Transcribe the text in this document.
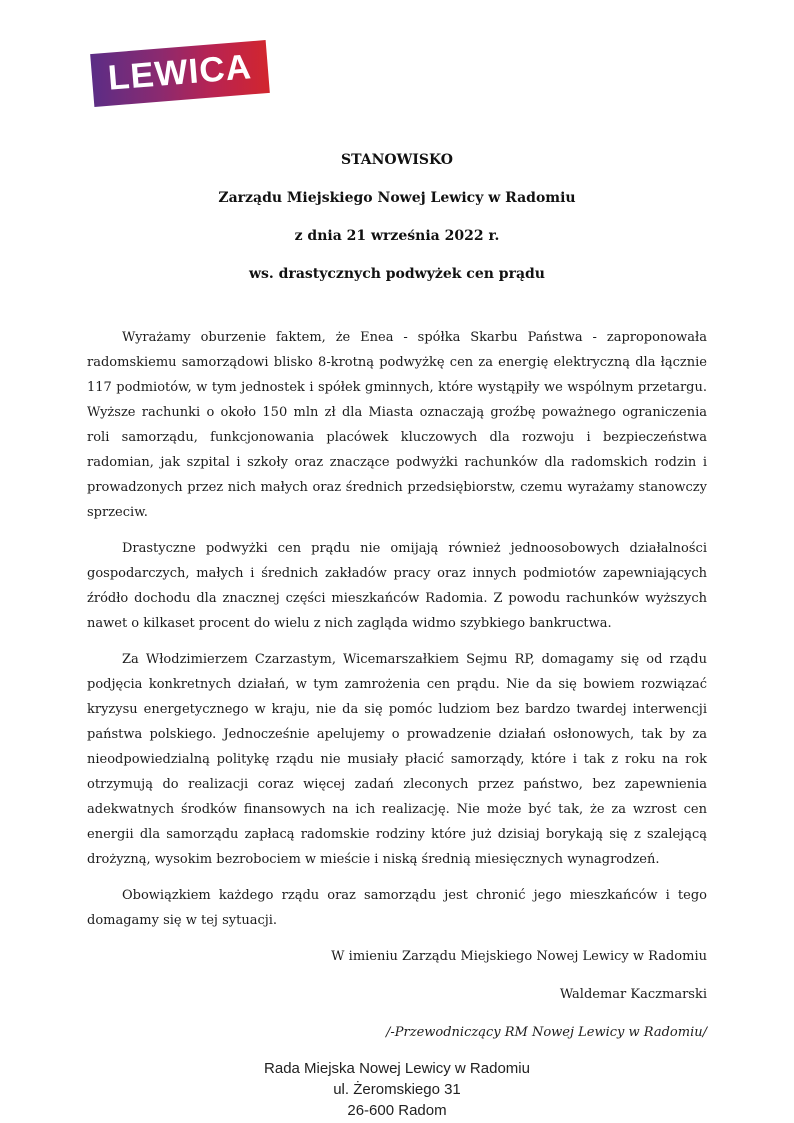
LEWICA
STANOWISKO
Zarządu Miejskiego Nowej Lewicy w Radomiu
z dnia 21 września 2022 r.
ws. drastycznych podwyżek cen prądu

Wyrażamy oburzenie faktem, że Enea - spółka Skarbu Państwa - zaproponowała radomskiemu samorządowi blisko 8-krotną podwyżkę cen za energię elektryczną dla łącznie 117 podmiotów, w tym jednostek i spółek gminnych, które wystąpiły we wspólnym przetargu. Wyższe rachunki o około 150 mln zł dla Miasta oznaczają groźbę poważnego ograniczenia roli samorządu, funkcjonowania placówek kluczowych dla rozwoju i bezpieczeństwa radomian, jak szpital i szkoły oraz znaczące podwyżki rachunków dla radomskich rodzin i prowadzonych przez nich małych oraz średnich przedsiębiorstw, czemu wyrażamy stanowczy sprzeciw.

Drastyczne podwyżki cen prądu nie omijają również jednoosobowych działalności gospodarczych, małych i średnich zakładów pracy oraz innych podmiotów zapewniających źródło dochodu dla znacznej części mieszkańców Radomia. Z powodu rachunków wyższych nawet o kilkaset procent do wielu z nich zagląda widmo szybkiego bankructwa.

Za Włodzimierzem Czarzastym, Wicemarszałkiem Sejmu RP, domagamy się od rządu podjęcia konkretnych działań, w tym zamrożenia cen prądu. Nie da się bowiem rozwiązać kryzysu energetycznego w kraju, nie da się pomóc ludziom bez bardzo twardej interwencji państwa polskiego. Jednocześnie apelujemy o prowadzenie działań osłonowych, tak by za nieodpowiedzialną politykę rządu nie musiały płacić samorządy, które i tak z roku na rok otrzymują do realizacji coraz więcej zadań zleconych przez państwo, bez zapewnienia adekwatnych środków finansowych na ich realizację. Nie może być tak, że za wzrost cen energii dla samorządu zapłacą radomskie rodziny które już dzisiaj borykają się z szalejącą drożyzną, wysokim bezrobociem w mieście i niską średnią miesięcznych wynagrodzeń.

Obowiązkiem każdego rządu oraz samorządu jest chronić jego mieszkańców i tego domagamy się w tej sytuacji.

W imieniu Zarządu Miejskiego Nowej Lewicy w Radomiu

Waldemar Kaczmarski

/-Przewodniczący RM Nowej Lewicy w Radomiu/

Rada Miejska Nowej Lewicy w Radomiu
ul. Żeromskiego 31
26-600 Radom
